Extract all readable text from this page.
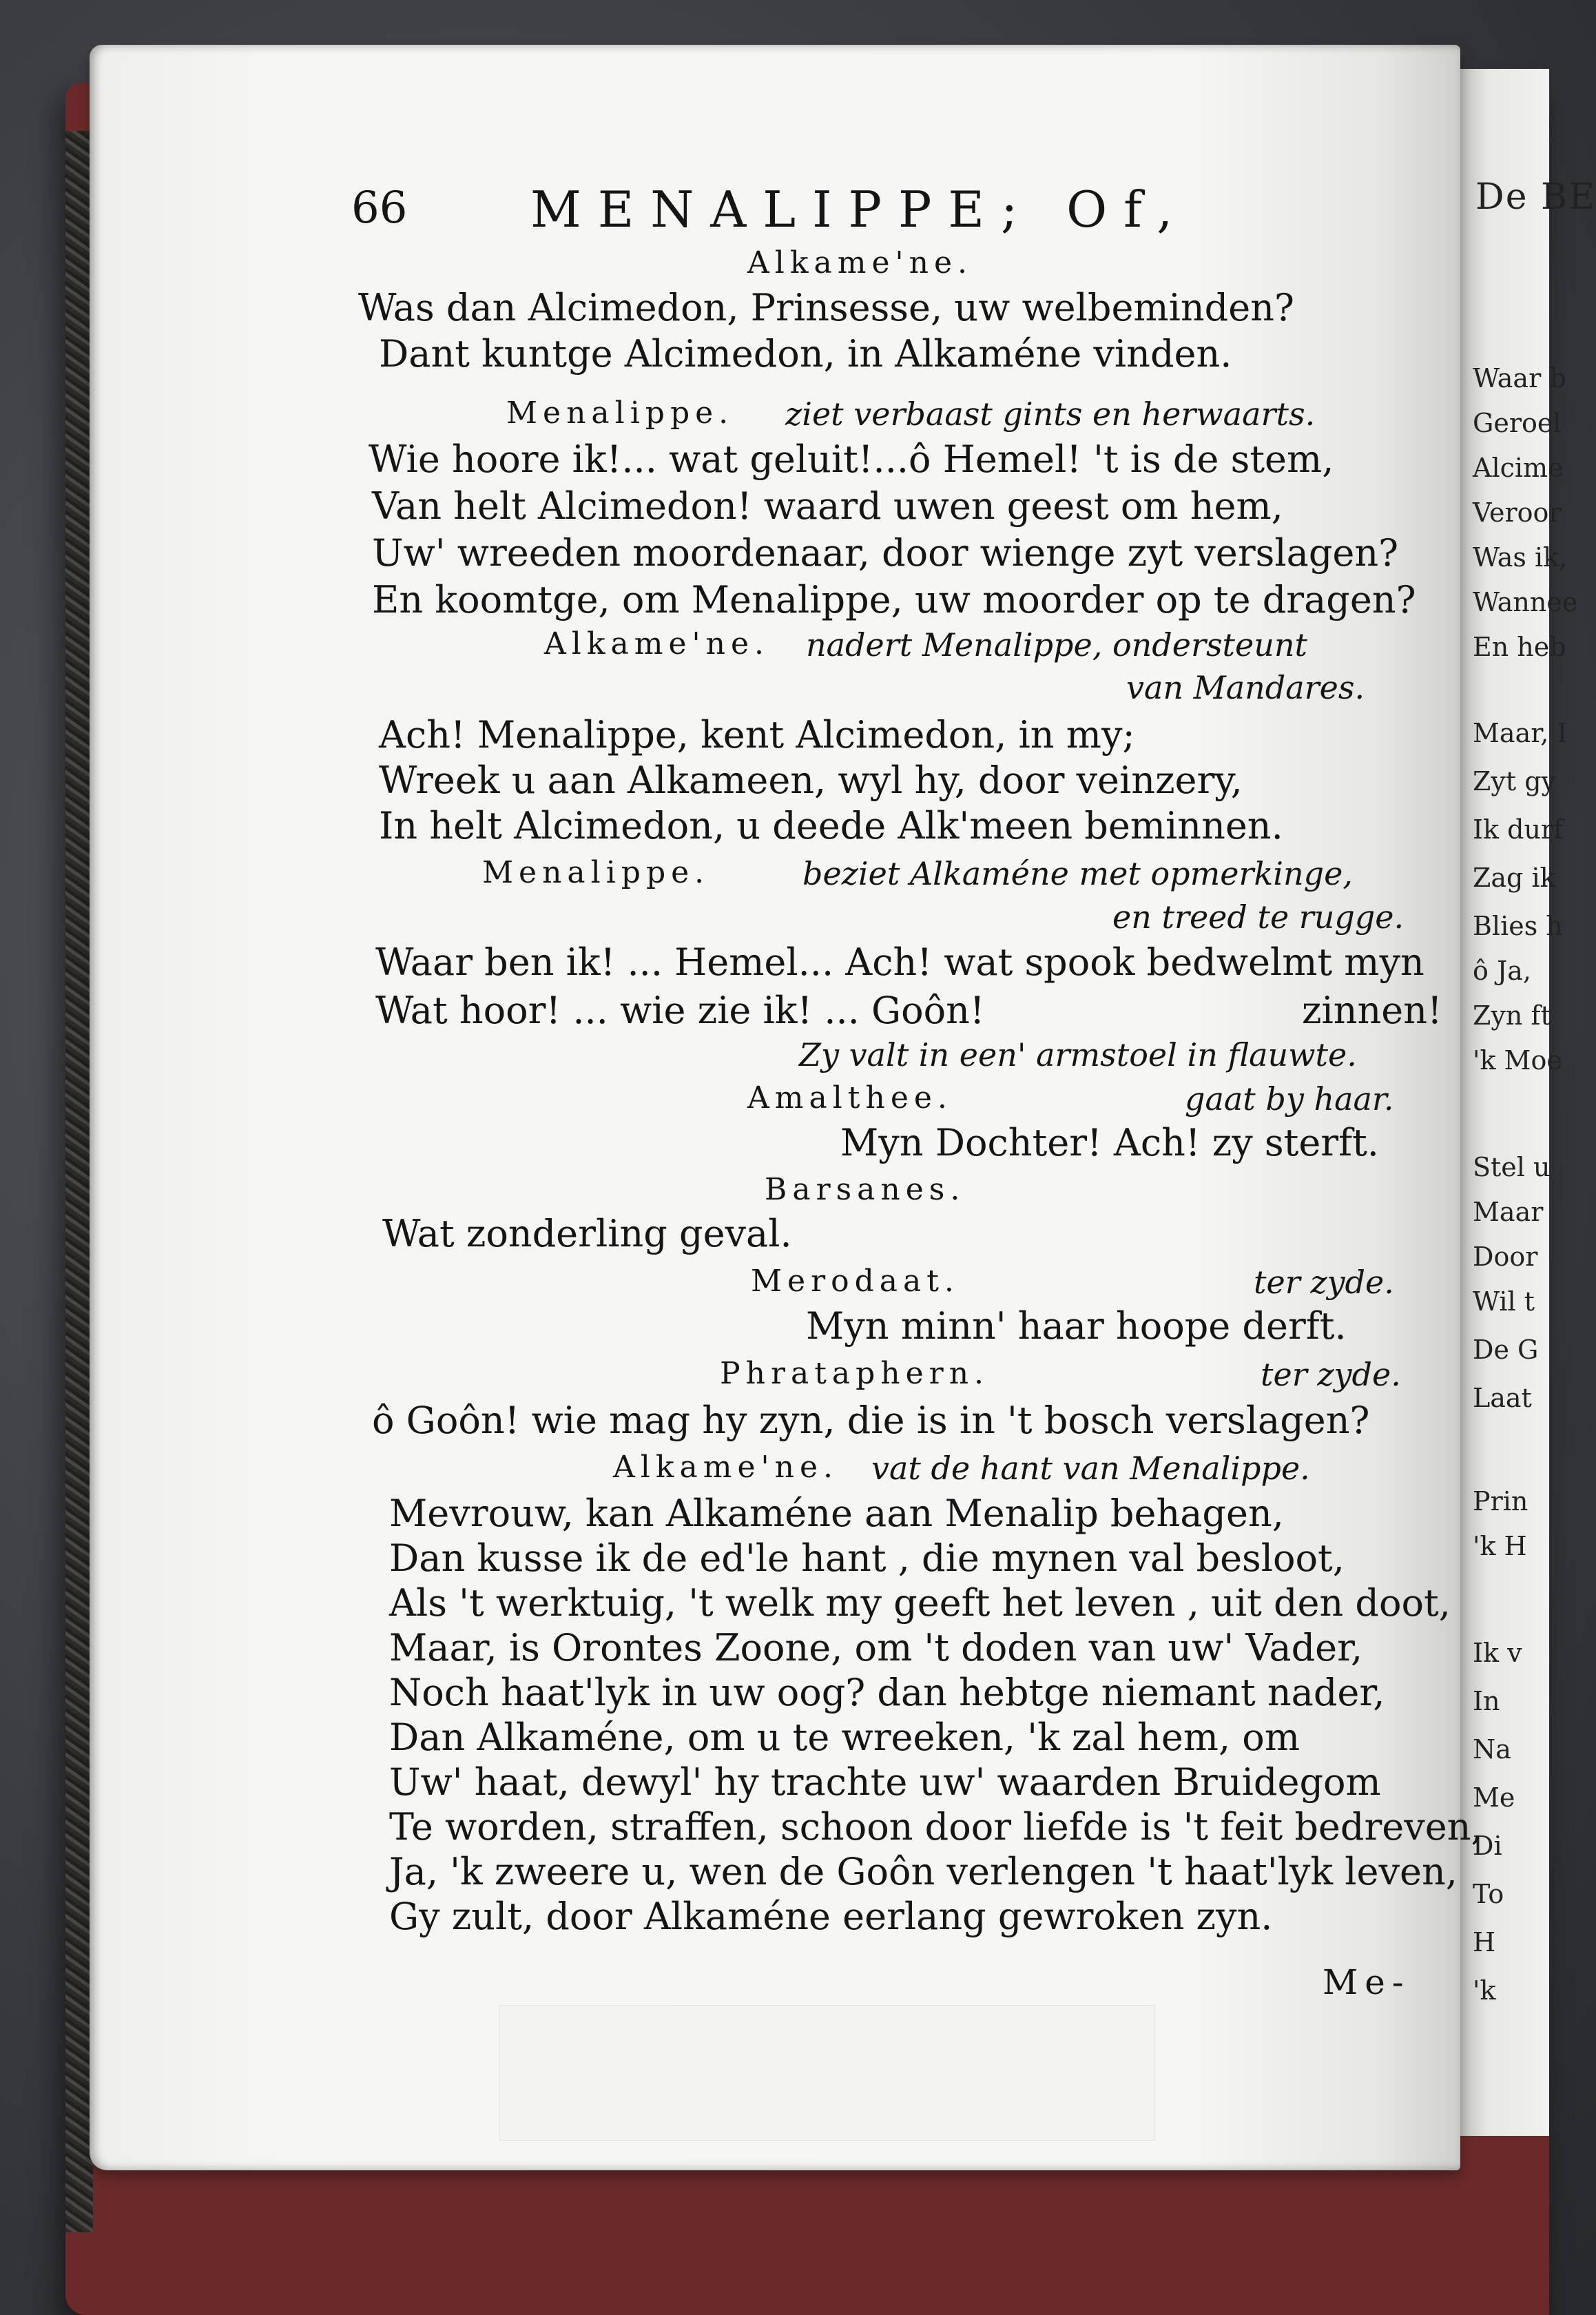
De BE
Waar b
Geroel
Alcime
Veroor
Was ik,
Wannee
En heb
Maar, I
Zyt gy
Ik durf
Zag ik
Blies h
ô Ja,
Zyn ft
'k Moe
Stel u
Maar
Door
Wil t
De G
Laat
Prin
'k H
Ik v
In
Na
Me
Di
To
H
'k
66 MENALIPPE; Of,
Alkame'ne.
Was dan Alcimedon, Prinsesse, uw welbeminden?
Dant kuntge Alcimedon, in Alkaméne vinden.
Menalippe. ziet verbaast gints en herwaarts.
Wie hoore ik!... wat geluit!...ô Hemel! 't is de stem,
Van helt Alcimedon! waard uwen geest om hem,
Uw' wreeden moordenaar, door wienge zyt verslagen?
En koomtge, om Menalippe, uw moorder op te dragen?
Alkame'ne. nadert Menalippe, ondersteunt
van Mandares.
Ach! Menalippe, kent Alcimedon, in my;
Wreek u aan Alkameen, wyl hy, door veinzery,
In helt Alcimedon, u deede Alk'meen beminnen.
Menalippe.	beziet Alkaméne met opmerkinge,
en treed te rugge.
Waar ben ik! ... Hemel... Ach! wat spook bedwelmt myn
Wat hoor! ... wie zie ik! ... Goôn!	zinnen!
Zy valt in een' armstoel in flauwte.
Amalthee.	gaat by haar.
Myn Dochter! Ach! zy sterft.
Barsanes.
Wat zonderling geval.
Merodaat.	ter zyde.
Myn minn' haar hoope derft.
Phrataphern.	ter zyde.
ô Goôn! wie mag hy zyn, die is in 't bosch verslagen?
Alkame'ne. vat de hant van Menalippe.
Mevrouw, kan Alkaméne aan Menalip behagen,
Dan kusse ik de ed'le hant , die mynen val besloot,
Als 't werktuig, 't welk my geeft het leven , uit den doot,
Maar, is Orontes Zoone, om 't doden van uw' Vader,
Noch haat'lyk in uw oog? dan hebtge niemant nader,
Dan Alkaméne, om u te wreeken, 'k zal hem, om
Uw' haat, dewyl' hy trachte uw' waarden Bruidegom
Te worden, straffen, schoon door liefde is 't feit bedreven,
Ja, 'k zweere u, wen de Goôn verlengen 't haat'lyk leven,
Gy zult, door Alkaméne eerlang gewroken zyn.
Me-
